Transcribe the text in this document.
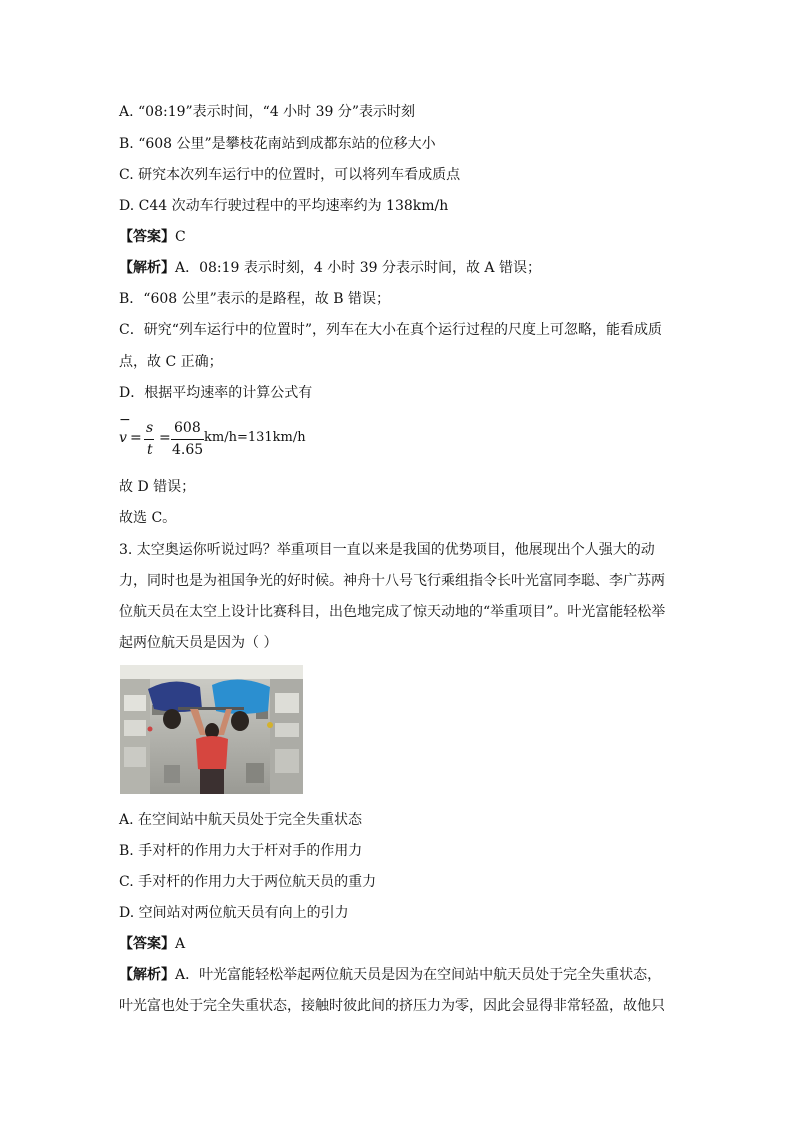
A. “08:19”表示时间，“4 小时 39 分”表示时刻
B. “608 公里”是攀枝花南站到成都东站的位移大小
C. 研究本次列车运行中的位置时，可以将列车看成质点
D. C44 次动车行驶过程中的平均速率约为 138km/h
【答案】C
【解析】A．08:19 表示时刻，4 小时 39 分表示时间，故 A 错误；
B．“608 公里”表示的是路程，故 B 错误；
C．研究“列车运行中的位置时”，列车在大小在真个运行过程的尺度上可忽略，能看成质
点，故 C 正确；
D．根据平均速率的计算公式有
−
v =
s
t
=
608
4.65
km/h=131km/h
故 D 错误；
故选 C。
3. 太空奥运你听说过吗？举重项目一直以来是我国的优势项目，他展现出个人强大的动
力，同时也是为祖国争光的好时候。神舟十八号飞行乘组指令长叶光富同李聪、李广苏两
位航天员在太空上设计比赛科目，出色地完成了惊天动地的“举重项目”。叶光富能轻松举
起两位航天员是因为（ ）
A. 在空间站中航天员处于完全失重状态
B. 手对杆的作用力大于杆对手的作用力
C. 手对杆的作用力大于两位航天员的重力
D. 空间站对两位航天员有向上的引力
【答案】A
【解析】A．叶光富能轻松举起两位航天员是因为在空间站中航天员处于完全失重状态，
叶光富也处于完全失重状态，接触时彼此间的挤压力为零，因此会显得非常轻盈，故他只
